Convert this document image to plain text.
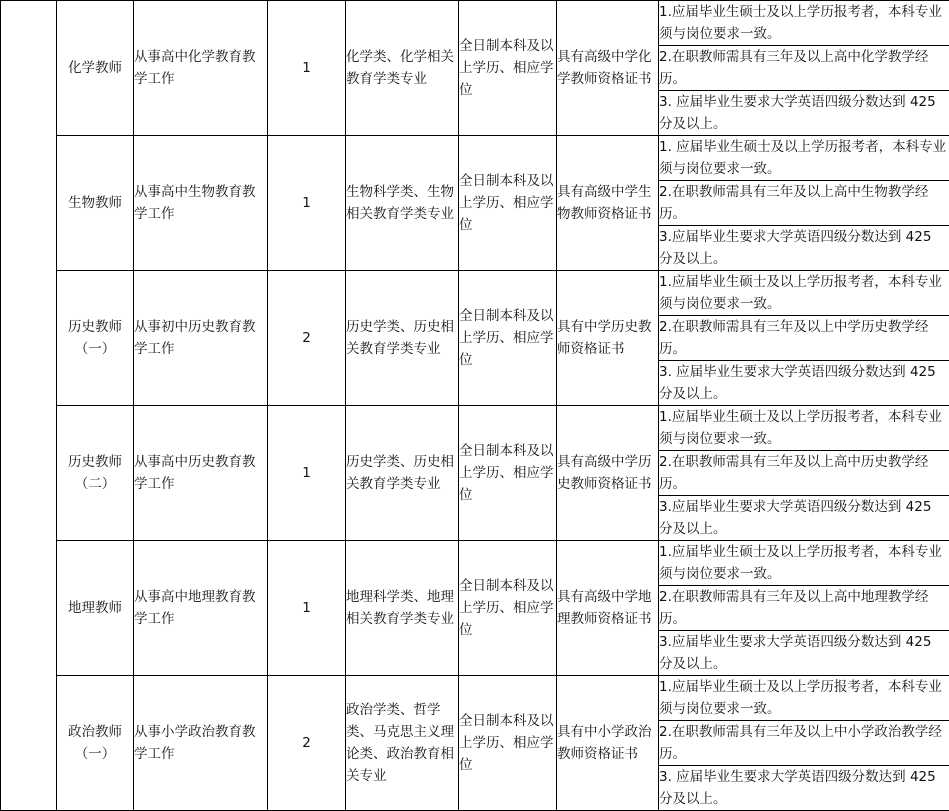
	化学教师	从事高中化学教育教学工作	1	化学类、化学相关教育学类专业	全日制本科及以上学历、相应学位	具有高级中学化学教师资格证书	1.应届毕业生硕士及以上学历报考者，本科专业须与岗位要求一致。
							2.在职教师需具有三年及以上高中化学教学经历。
							3. 应届毕业生要求大学英语四级分数达到 425 分及以上。
	生物教师	从事高中生物教育教学工作	1	生物科学类、生物相关教育学类专业	全日制本科及以上学历、相应学位	具有高级中学生物教师资格证书	1. 应届毕业生硕士及以上学历报考者，本科专业须与岗位要求一致。
							2.在职教师需具有三年及以上高中生物教学经历。
							3.应届毕业生要求大学英语四级分数达到 425 分及以上。
	历史教师（一）	从事初中历史教育教学工作	2	历史学类、历史相关教育学类专业	全日制本科及以上学历、相应学位	具有中学历史教师资格证书	1.应届毕业生硕士及以上学历报考者，本科专业须与岗位要求一致。
							2.在职教师需具有三年及以上中学历史教学经历。
							3. 应届毕业生要求大学英语四级分数达到 425 分及以上。
	历史教师（二）	从事高中历史教育教学工作	1	历史学类、历史相关教育学类专业	全日制本科及以上学历、相应学位	具有高级中学历史教师资格证书	1.应届毕业生硕士及以上学历报考者，本科专业须与岗位要求一致。
							2.在职教师需具有三年及以上高中历史教学经历。
							3.应届毕业生要求大学英语四级分数达到 425 分及以上。
	地理教师	从事高中地理教育教学工作	1	地理科学类、地理相关教育学类专业	全日制本科及以上学历、相应学位	具有高级中学地理教师资格证书	1.应届毕业生硕士及以上学历报考者，本科专业须与岗位要求一致。
							2.在职教师需具有三年及以上高中地理教学经历。
							3.应届毕业生要求大学英语四级分数达到 425 分及以上。
	政治教师（一）	从事小学政治教育教学工作	2	政治学类、哲学类、马克思主义理论类、政治教育相关专业	全日制本科及以上学历、相应学位	具有中小学政治教师资格证书	1.应届毕业生硕士及以上学历报考者，本科专业须与岗位要求一致。
							2.在职教师需具有三年及以上中小学政治教学经历。
							3. 应届毕业生要求大学英语四级分数达到 425 分及以上。
